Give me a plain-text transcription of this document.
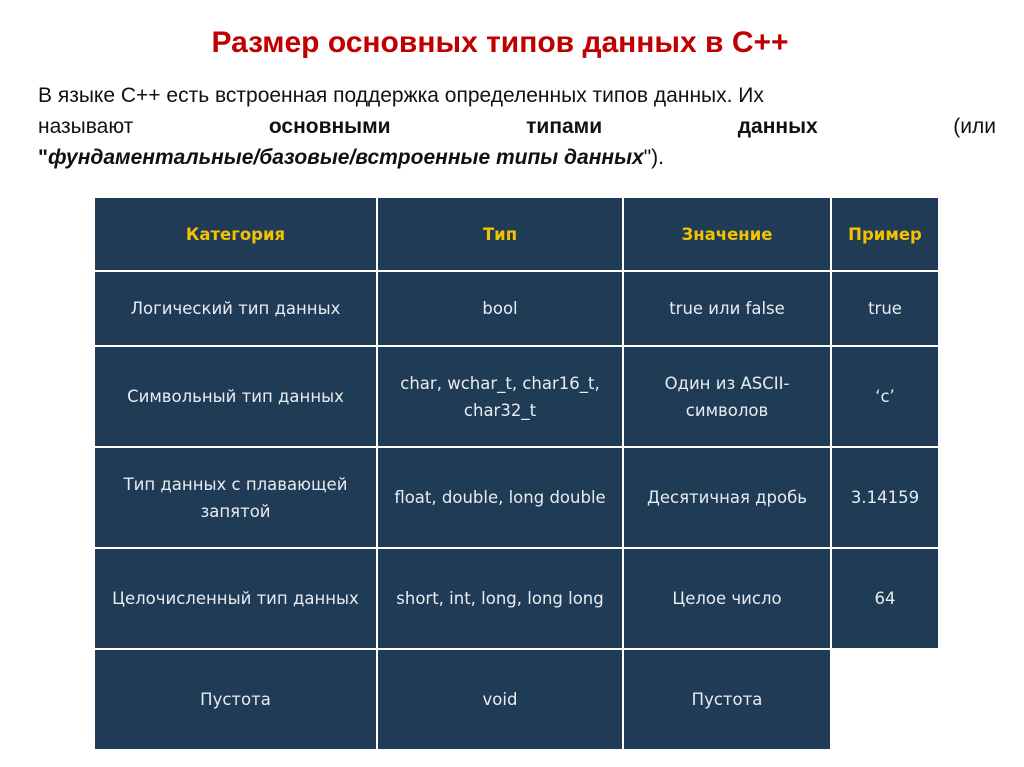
Размер основных типов данных в С++
В языке C++ есть встроенная поддержка определенных типов данных. Их
называют	основными	типами	данных	(или
"фундаментальные/базовые/встроенные типы данных").
Категория	Тип	Значение	Пример
Логический тип данных	bool	true или false	true
Символьный тип данных	char, wchar_t, char16_t, char32_t	Один из ASCII-символов	‘c’
Тип данных с плавающей запятой	float, double, long double	Десятичная дробь	3.14159
Целочисленный тип данных	short, int, long, long long	Целое число	64
Пустота	void	Пустота	
